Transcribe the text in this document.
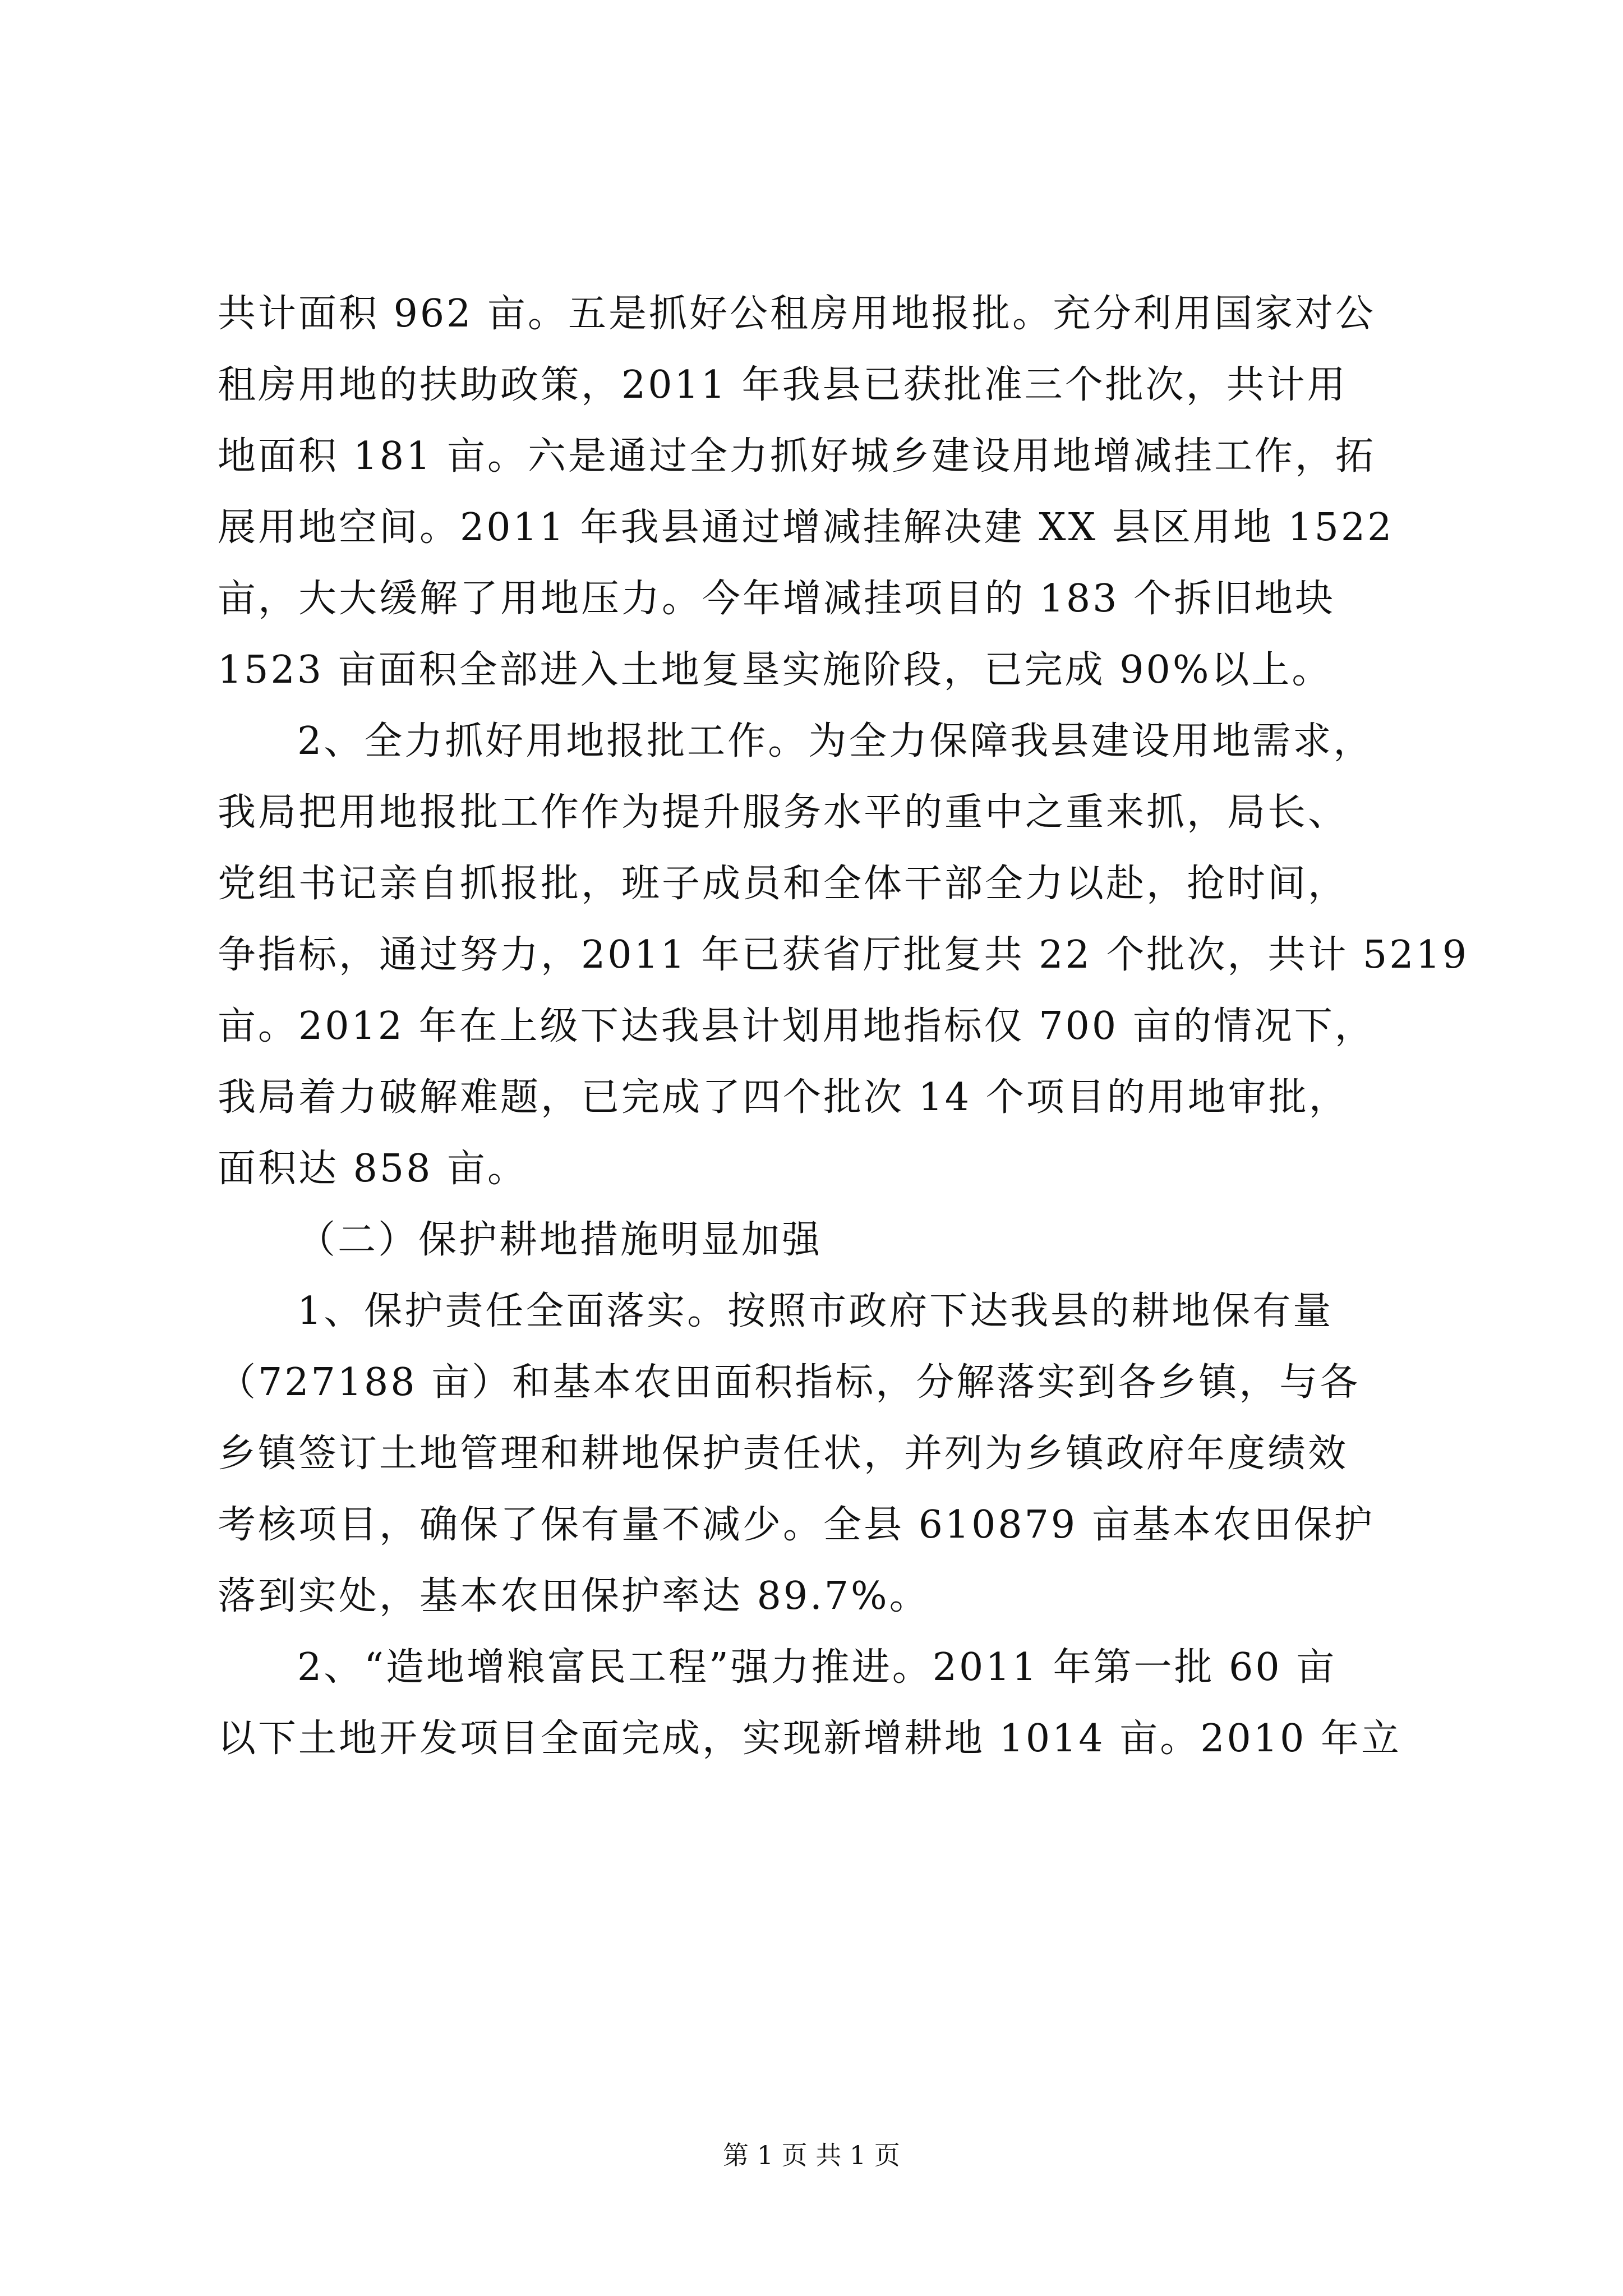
共计面积 962 亩。五是抓好公租房用地报批。充分利用国家对公
租房用地的扶助政策，2011 年我县已获批准三个批次，共计用
地面积 181 亩。六是通过全力抓好城乡建设用地增减挂工作，拓
展用地空间。2011 年我县通过增减挂解决建 XX 县区用地 1522
亩，大大缓解了用地压力。今年增减挂项目的 183 个拆旧地块
1523 亩面积全部进入土地复垦实施阶段，已完成 90%以上。
2、全力抓好用地报批工作。为全力保障我县建设用地需求，
我局把用地报批工作作为提升服务水平的重中之重来抓，局长、
党组书记亲自抓报批，班子成员和全体干部全力以赴，抢时间，
争指标，通过努力，2011 年已获省厅批复共 22 个批次，共计 5219
亩。2012 年在上级下达我县计划用地指标仅 700 亩的情况下，
我局着力破解难题，已完成了四个批次 14 个项目的用地审批，
面积达 858 亩。
（二）保护耕地措施明显加强
1、保护责任全面落实。按照市政府下达我县的耕地保有量
（727188 亩）和基本农田面积指标，分解落实到各乡镇，与各
乡镇签订土地管理和耕地保护责任状，并列为乡镇政府年度绩效
考核项目，确保了保有量不减少。全县 610879 亩基本农田保护
落到实处，基本农田保护率达 89.7%。
2、“造地增粮富民工程”强力推进。2011 年第一批 60 亩
以下土地开发项目全面完成，实现新增耕地 1014 亩。2010 年立
第 1 页 共 1 页
